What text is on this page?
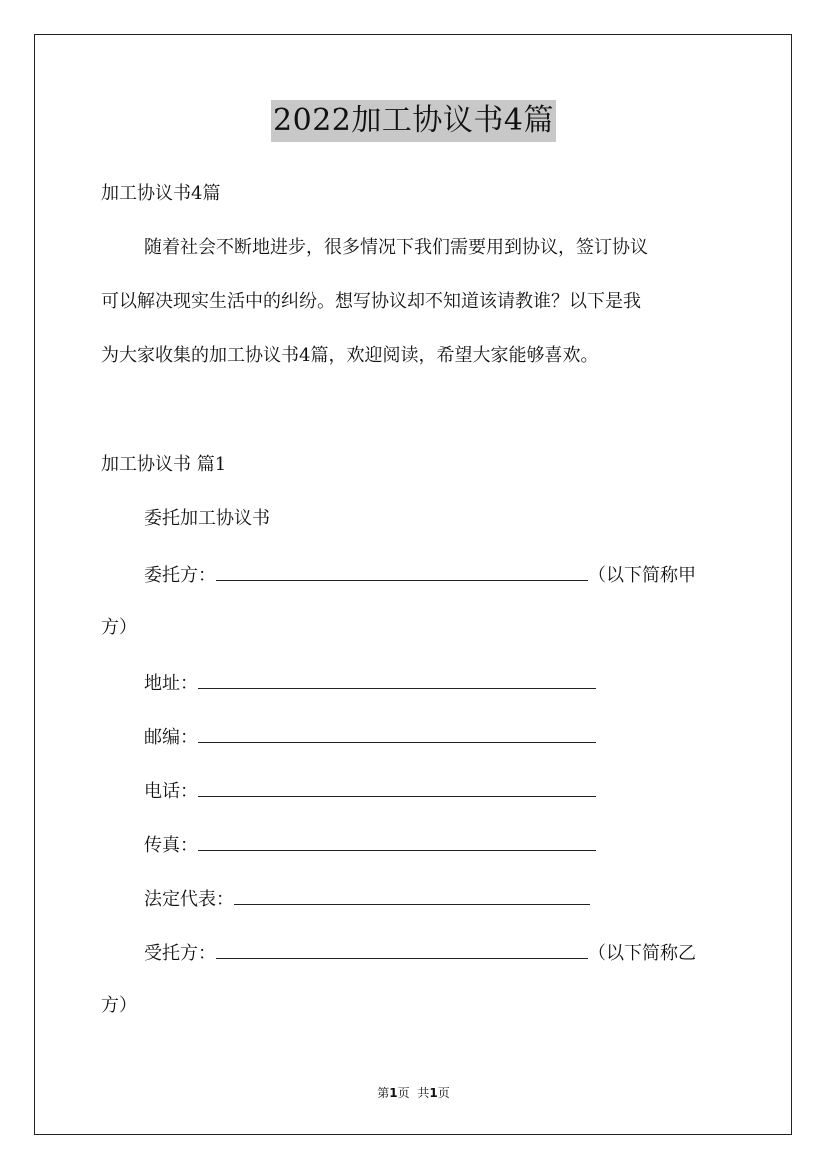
2022加工协议书4篇
加工协议书4篇
随着社会不断地进步，很多情况下我们需要用到协议，签订协议
可以解决现实生活中的纠纷。想写协议却不知道该请教谁？以下是我
为大家收集的加工协议书4篇，欢迎阅读，希望大家能够喜欢。
加工协议书 篇1
委托加工协议书
委托方：	（以下简称甲
方）
地址：
邮编：
电话：
传真：
法定代表：
受托方：	（以下简称乙
方）
第1页 共1页
